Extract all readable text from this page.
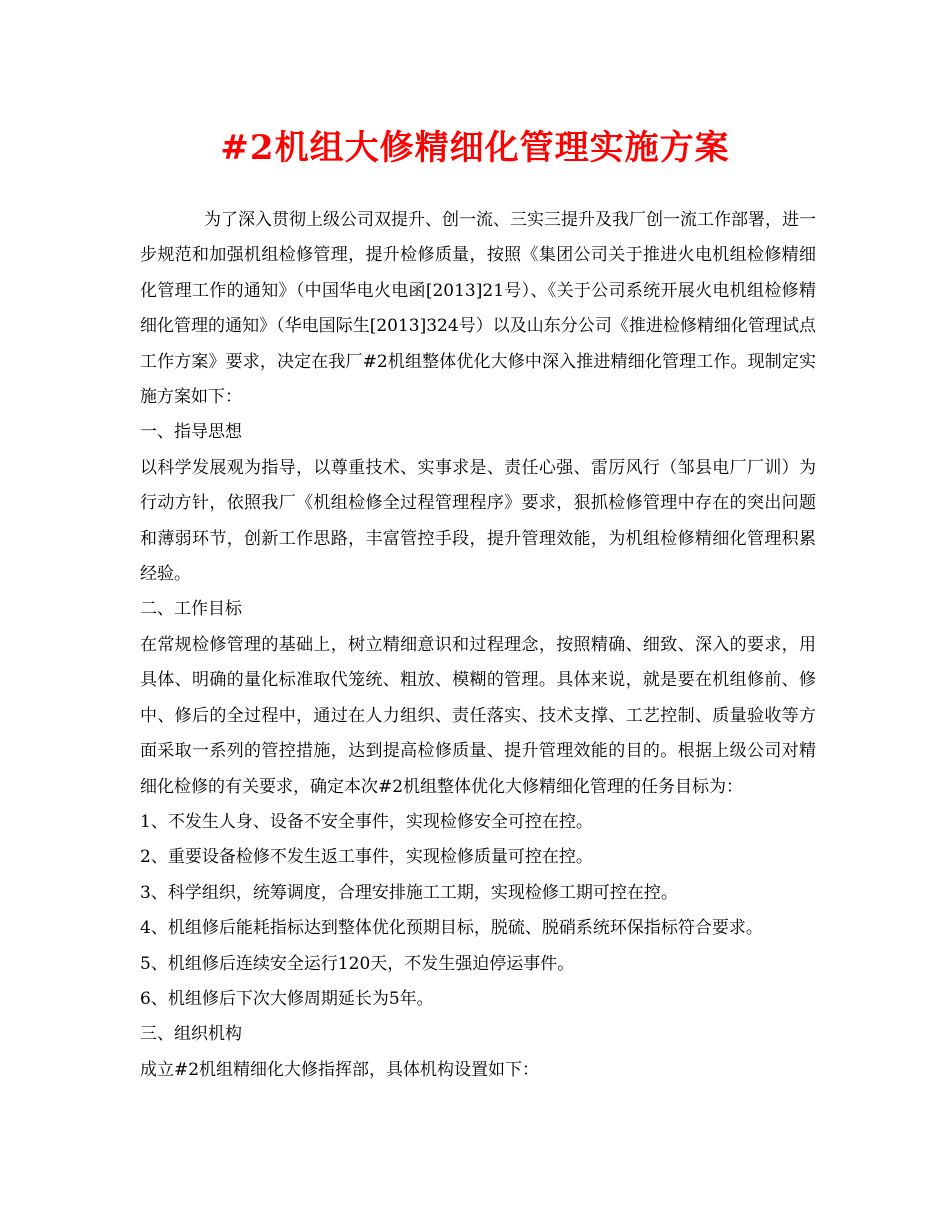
#2机组大修精细化管理实施方案

为了深入贯彻上级公司双提升、创一流、三实三提升及我厂创一流工作部署，进一步规范和加强机组检修管理，提升检修质量，按照《集团公司关于推进火电机组检修精细化管理工作的通知》（中国华电火电函[2013]21号）、《关于公司系统开展火电机组检修精细化管理的通知》（华电国际生[2013]324号）以及山东分公司《推进检修精细化管理试点工作方案》要求，决定在我厂#2机组整体优化大修中深入推进精细化管理工作。现制定实施方案如下：

一、指导思想

以科学发展观为指导，以尊重技术、实事求是、责任心强、雷厉风行（邹县电厂厂训）为行动方针，依照我厂《机组检修全过程管理程序》要求，狠抓检修管理中存在的突出问题和薄弱环节，创新工作思路，丰富管控手段，提升管理效能，为机组检修精细化管理积累经验。

二、工作目标

在常规检修管理的基础上，树立精细意识和过程理念，按照精确、细致、深入的要求，用具体、明确的量化标准取代笼统、粗放、模糊的管理。具体来说，就是要在机组修前、修中、修后的全过程中，通过在人力组织、责任落实、技术支撑、工艺控制、质量验收等方面采取一系列的管控措施，达到提高检修质量、提升管理效能的目的。根据上级公司对精细化检修的有关要求，确定本次#2机组整体优化大修精细化管理的任务目标为：

1、不发生人身、设备不安全事件，实现检修安全可控在控。

2、重要设备检修不发生返工事件，实现检修质量可控在控。

3、科学组织，统筹调度，合理安排施工工期，实现检修工期可控在控。

4、机组修后能耗指标达到整体优化预期目标，脱硫、脱硝系统环保指标符合要求。

5、机组修后连续安全运行120天，不发生强迫停运事件。

6、机组修后下次大修周期延长为5年。

三、组织机构

成立#2机组精细化大修指挥部，具体机构设置如下：
